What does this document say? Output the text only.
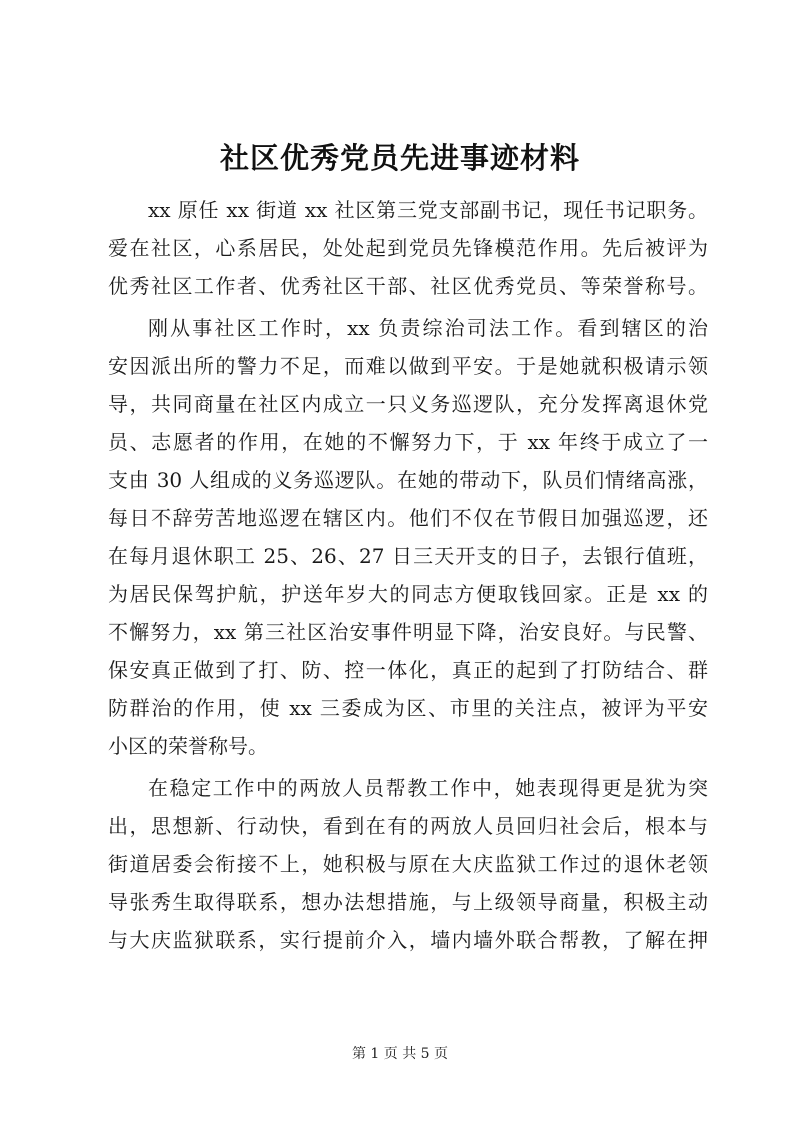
社区优秀党员先进事迹材料
xx 原任 xx 街道 xx 社区第三党支部副书记，现任书记职务。
爱在社区，心系居民，处处起到党员先锋模范作用。先后被评为
优秀社区工作者、优秀社区干部、社区优秀党员、等荣誉称号。
刚从事社区工作时，xx 负责综治司法工作。看到辖区的治
安因派出所的警力不足，而难以做到平安。于是她就积极请示领
导，共同商量在社区内成立一只义务巡逻队，充分发挥离退休党
员、志愿者的作用，在她的不懈努力下，于 xx 年终于成立了一
支由 30 人组成的义务巡逻队。在她的带动下，队员们情绪高涨，
每日不辞劳苦地巡逻在辖区内。他们不仅在节假日加强巡逻，还
在每月退休职工 25、26、27 日三天开支的日子，去银行值班，
为居民保驾护航，护送年岁大的同志方便取钱回家。正是 xx 的
不懈努力，xx 第三社区治安事件明显下降，治安良好。与民警、
保安真正做到了打、防、控一体化，真正的起到了打防结合、群
防群治的作用，使 xx 三委成为区、市里的关注点，被评为平安
小区的荣誉称号。
在稳定工作中的两放人员帮教工作中，她表现得更是犹为突
出，思想新、行动快，看到在有的两放人员回归社会后，根本与
街道居委会衔接不上，她积极与原在大庆监狱工作过的退休老领
导张秀生取得联系，想办法想措施，与上级领导商量，积极主动
与大庆监狱联系，实行提前介入，墙内墙外联合帮教，了解在押
第 1 页 共 5 页
